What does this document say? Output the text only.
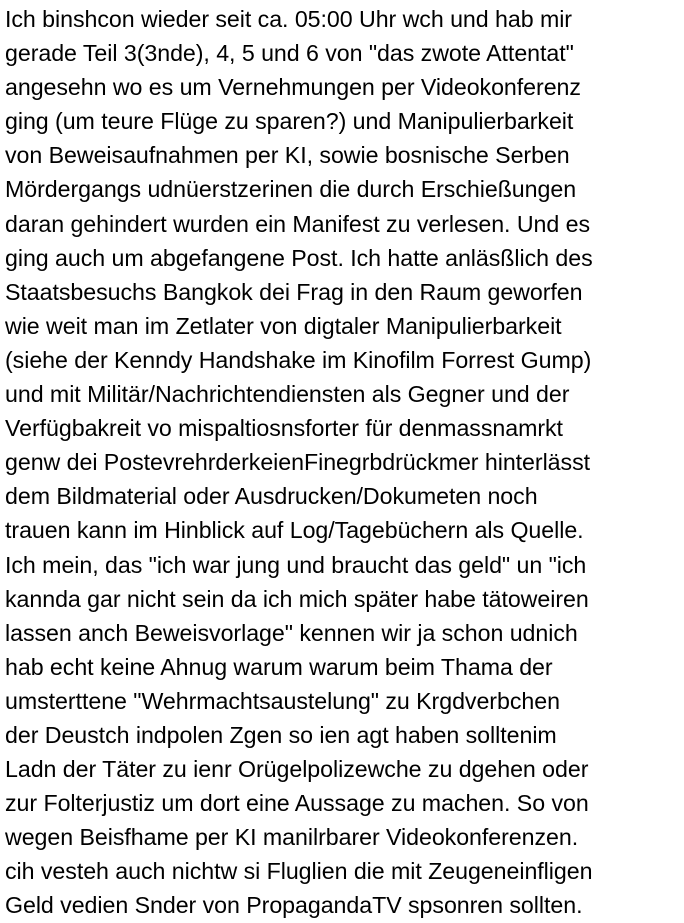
Ich binshcon wieder seit ca. 05:00 Uhr wch und hab mir
gerade Teil 3(3nde), 4, 5 und 6 von "das zwote Attentat"
angesehn wo es um Vernehmungen per Videokonferenz
ging (um teure Flüge zu sparen?) und Manipulierbarkeit
von Beweisaufnahmen per KI, sowie bosnische Serben
Mördergangs udnüerstzerinen die durch Erschießungen
daran gehindert wurden ein Manifest zu verlesen. Und es
ging auch um abgefangene Post. Ich hatte anläsßlich des
Staatsbesuchs Bangkok dei Frag in den Raum geworfen
wie weit man im Zetlater von digtaler Manipulierbarkeit
(siehe der Kenndy Handshake im Kinofilm Forrest Gump)
und mit Militär/Nachrichtendiensten als Gegner und der
Verfügbakreit vo mispaltiosnsforter für denmassnamrkt
genw dei PostevrehrderkeienFinegrbdrückmer hinterlässt
dem Bildmaterial oder Ausdrucken/Dokumeten noch
trauen kann im Hinblick auf Log/Tagebüchern als Quelle.
Ich mein, das "ich war jung und braucht das geld" un "ich
kannda gar nicht sein da ich mich später habe tätoweiren
lassen anch Beweisvorlage" kennen wir ja schon udnich
hab echt keine Ahnug warum warum beim Thama der
umsterttene "Wehrmachtsaustelung" zu Krgdverbchen
der Deustch indpolen Zgen so ien agt haben solltenim
Ladn der Täter zu ienr Orügelpolizewche zu dgehen oder
zur Folterjustiz um dort eine Aussage zu machen. So von
wegen Beisfhame per KI manilrbarer Videokonferenzen.
cih vesteh auch nichtw si Fluglien die mit Zeugeneinfligen
Geld vedien Snder von PropagandaTV spsonren sollten.
